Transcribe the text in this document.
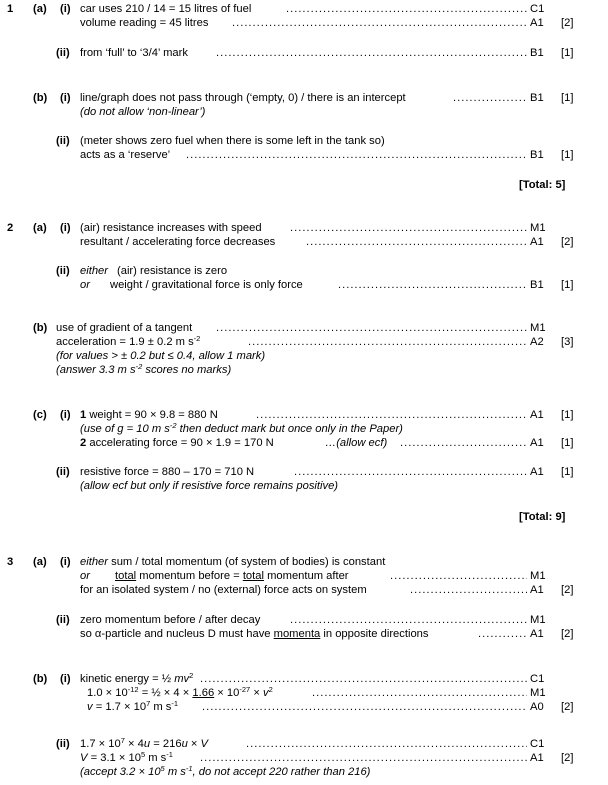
1 (a) (i) car uses 210 / 14 = 15 litres of fuel .....	C1
volume reading = 45 litres .....	A1	[2]
(ii) from ‘full’ to ‘3/4’ mark .....	B1	[1]
(b) (i) line/graph does not pass through (‘empty, 0) / there is an intercept .....	B1	[1]
(do not allow ‘non-linear’)
(ii) (meter shows zero fuel when there is some left in the tank so)
acts as a ‘reserve’ .....	B1	[1]
[Total: 5]
2 (a) (i) (air) resistance increases with speed .....	M1
resultant / accelerating force decreases .....	A1	[2]
(ii) either (air) resistance is zero
or weight / gravitational force is only force .....	B1	[1]
(b) use of gradient of a tangent .....	M1
acceleration = 1.9 ± 0.2 m $s^{-2}$ .....	A2	[3]
(for values > ± 0.2 but ≤ 0.4, allow 1 mark)
(answer 3.3 m $s^{-2}$ scores no marks)
(c) (i) 1 weight = 90 × 9.8 = 880 N .....	A1	[1]
(use of g = 10 m $s^{-2}$ then deduct mark but once only in the Paper)
2 accelerating force = 90 × 1.9 = 170 N	…(allow ecf) .....	A1	[1]
(ii) resistive force = 880 – 170 = 710 N .....	A1	[1]
(allow ecf but only if resistive force remains positive)
[Total: 9]
3 (a) (i) either sum / total momentum (of system of bodies) is constant
or total momentum before = total momentum after .....	M1
for an isolated system / no (external) force acts on system .....	A1	[2]
(ii) zero momentum before / after decay .....	M1
so α-particle and nucleus D must have momenta in opposite directions .....	A1	[2]
(b) (i) kinetic energy = ½ $mv^2$ .....	C1
$1.0 \times 10^{-12}$ = ½ × $4 \times 1.66 \times 10^{-27} \times v^2$ .....	M1
$v = 1.7 \times 10^7$ m $s^{-1}$ .....	A0	[2]
(ii) $1.7 \times 10^7 \times 4u = 216u \times V$ .....	C1
$V = 3.1 \times 10^5$ m $s^{-1}$ .....	A1	[2]
(accept $3.2 \times 10^5$ m $s^{-1}$, do not accept 220 rather than 216)
